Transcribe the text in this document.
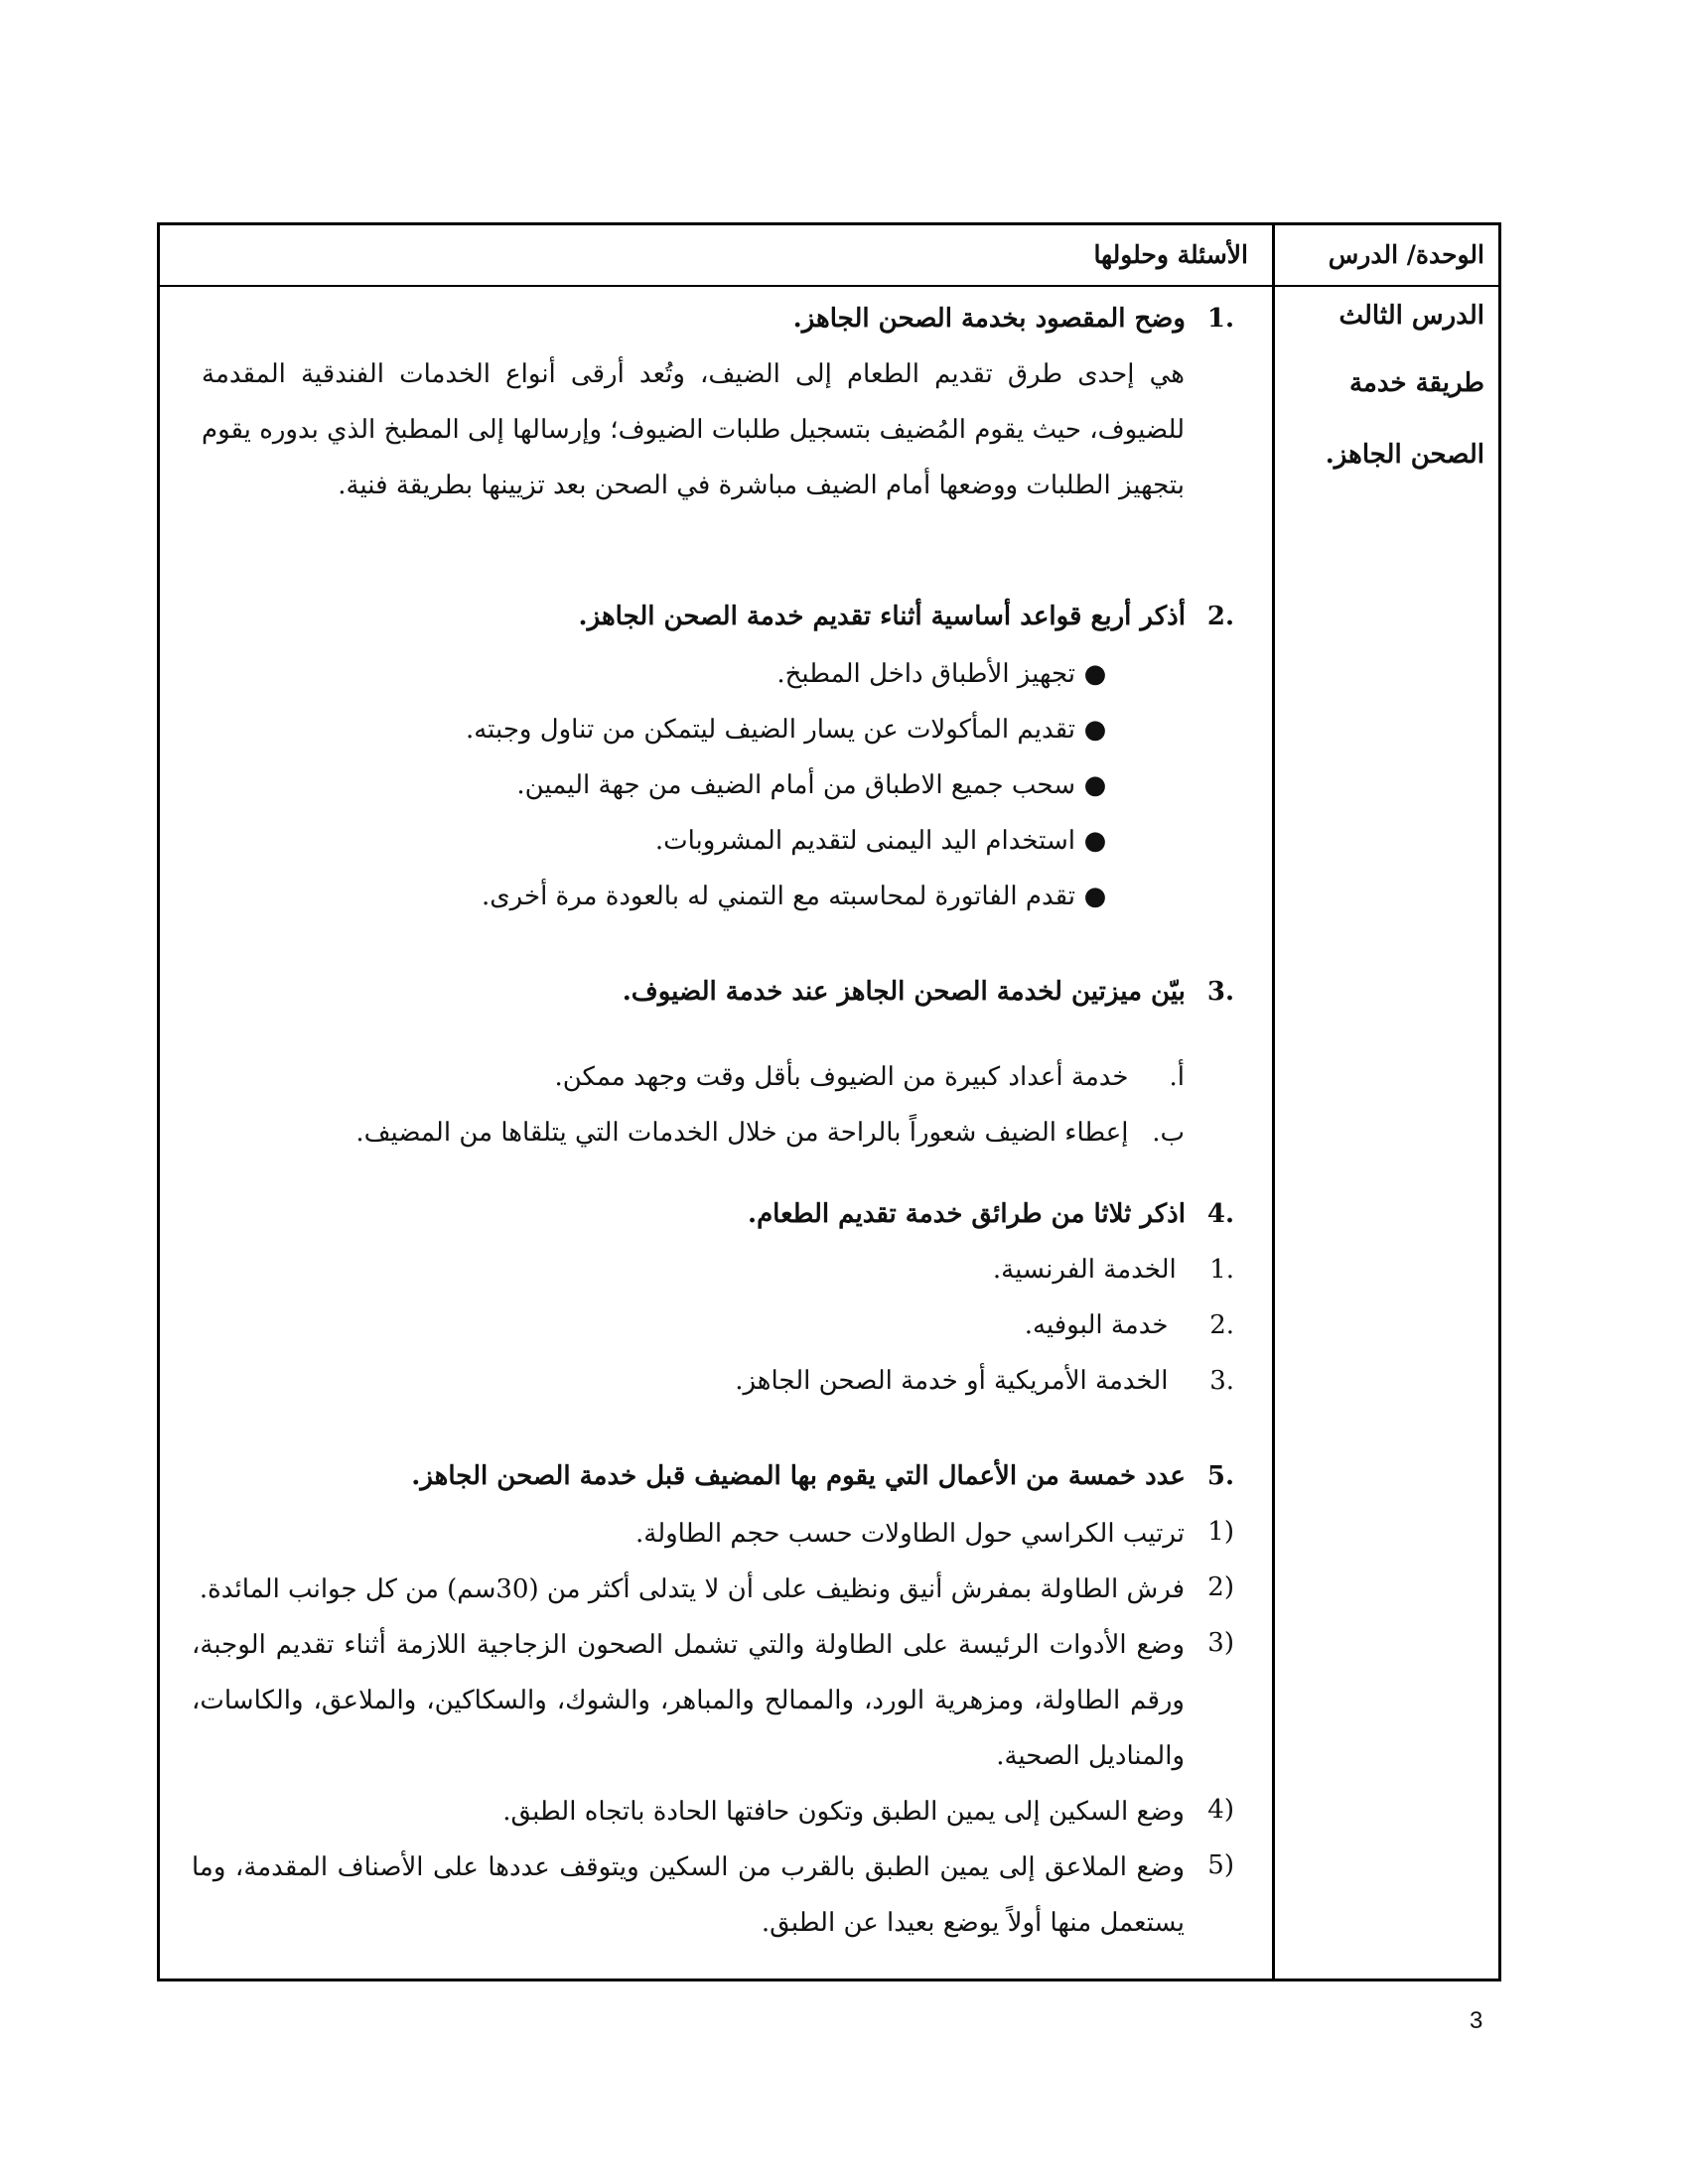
الوحدة/ الدرس
الأسئلة وحلولها
الدرس الثالث
طريقة خدمة
الصحن الجاهز.
.1 وضح المقصود بخدمة الصحن الجاهز.
هي إحدى طرق تقديم الطعام إلى الضيف، وتُعد أرقى أنواع الخدمات الفندقية المقدمة للضيوف، حيث يقوم المُضيف بتسجيل طلبات الضيوف؛ وإرسالها إلى المطبخ الذي بدوره يقوم بتجهيز الطلبات ووضعها أمام الضيف مباشرة في الصحن بعد تزيينها بطريقة فنية.
.2 أذكر أربع قواعد أساسية أثناء تقديم خدمة الصحن الجاهز.
●تجهيز الأطباق داخل المطبخ.
●تقديم المأكولات عن يسار الضيف ليتمكن من تناول وجبته.
●سحب جميع الاطباق من أمام الضيف من جهة اليمين.
●استخدام اليد اليمنى لتقديم المشروبات.
●تقدم الفاتورة لمحاسبته مع التمني له بالعودة مرة أخرى.
.3 بيّن ميزتين لخدمة الصحن الجاهز عند خدمة الضيوف.
أ.  خدمة أعداد كبيرة من الضيوف بأقل وقت وجهد ممكن.
ب.  إعطاء الضيف شعوراً بالراحة من خلال الخدمات التي يتلقاها من المضيف.
.4 اذكر ثلاثا من طرائق خدمة تقديم الطعام.
.1 الخدمة الفرنسية.
.2  خدمة البوفيه.
.3  الخدمة الأمريكية أو خدمة الصحن الجاهز.
.5 عدد خمسة من الأعمال التي يقوم بها المضيف قبل خدمة الصحن الجاهز.
(1ترتيب الكراسي حول الطاولات حسب حجم الطاولة.
(2فرش الطاولة بمفرش أنيق ونظيف على أن لا يتدلى أكثر من (30سم) من كل جوانب المائدة.
(3وضع الأدوات الرئيسة على الطاولة والتي تشمل الصحون الزجاجية اللازمة أثناء تقديم الوجبة، ورقم الطاولة، ومزهرية الورد، والممالح والمباهر، والشوك، والسكاكين، والملاعق، والكاسات، والمناديل الصحية.
(4وضع السكين إلى يمين الطبق وتكون حافتها الحادة باتجاه الطبق.
(5وضع الملاعق إلى يمين الطبق بالقرب من السكين ويتوقف عددها على الأصناف المقدمة، وما يستعمل منها أولاً يوضع بعيدا عن الطبق.
3
